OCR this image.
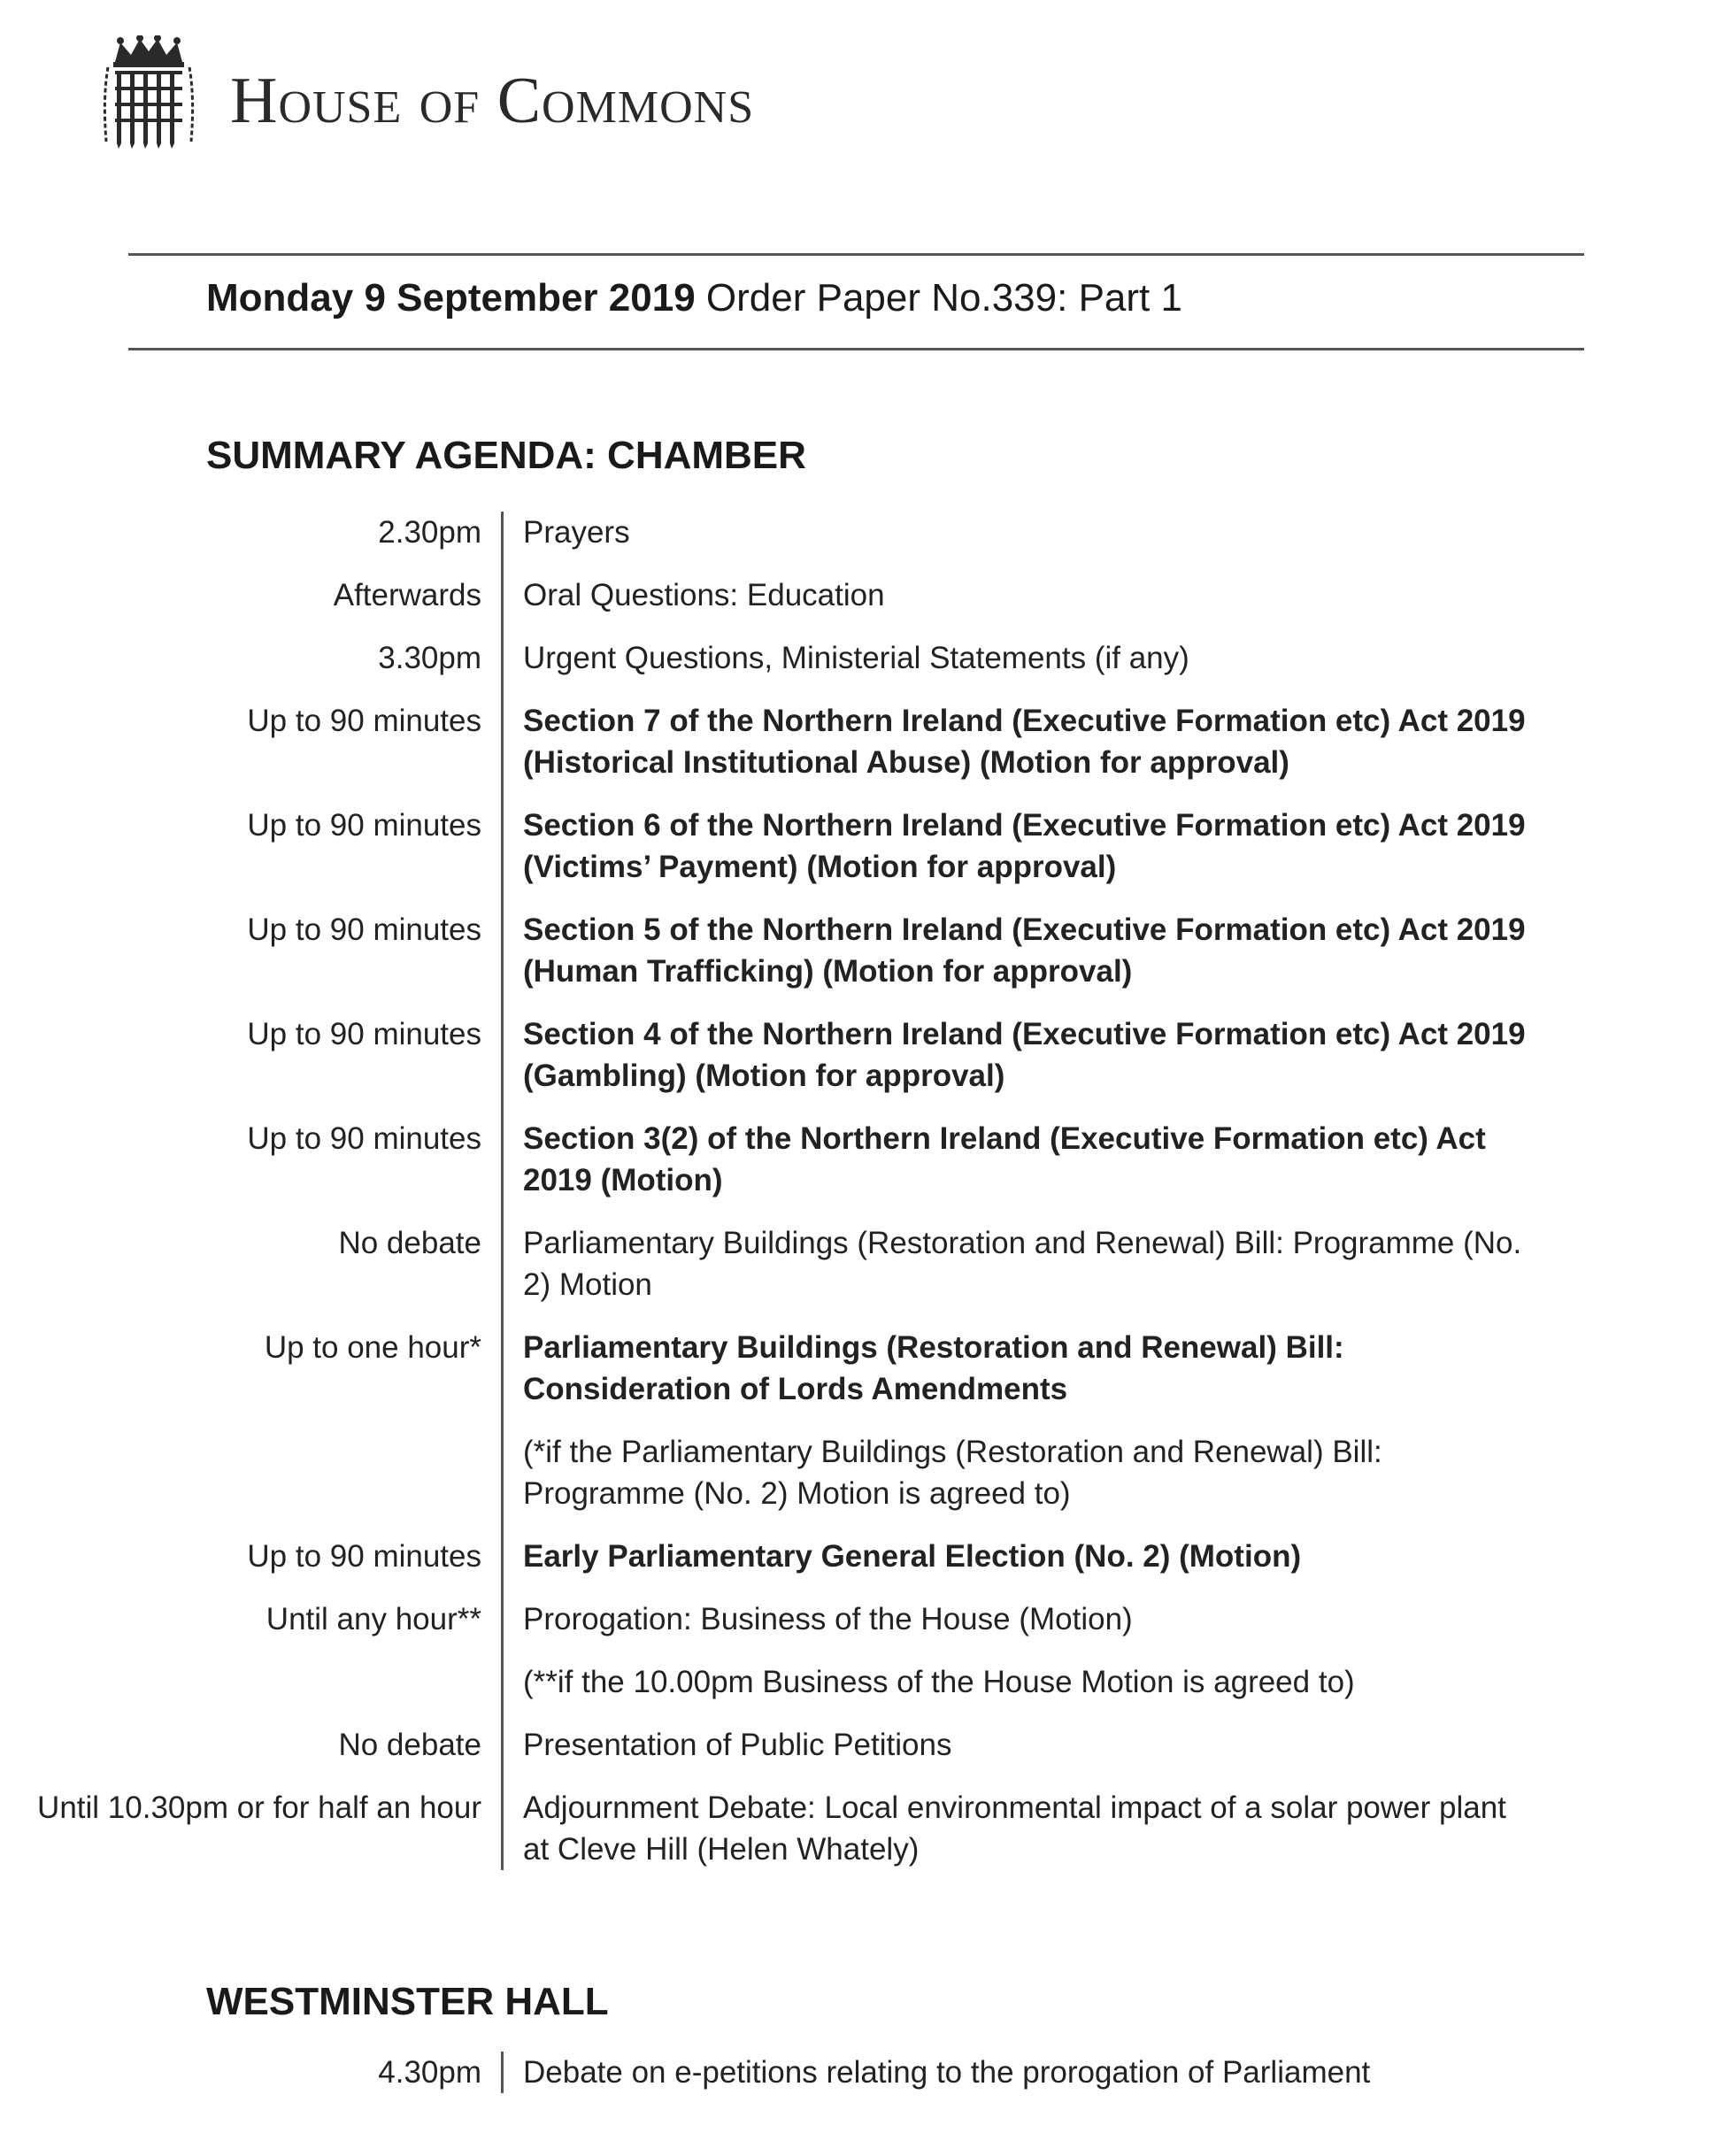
House of Commons
Monday 9 September 2019 Order Paper No.339: Part 1
SUMMARY AGENDA: CHAMBER
2.30pm	Prayers
Afterwards	Oral Questions: Education
3.30pm	Urgent Questions, Ministerial Statements (if any)
Up to 90 minutes	Section 7 of the Northern Ireland (Executive Formation etc) Act 2019 (Historical Institutional Abuse) (Motion for approval)
Up to 90 minutes	Section 6 of the Northern Ireland (Executive Formation etc) Act 2019 (Victims’ Payment) (Motion for approval)
Up to 90 minutes	Section 5 of the Northern Ireland (Executive Formation etc) Act 2019 (Human Trafficking) (Motion for approval)
Up to 90 minutes	Section 4 of the Northern Ireland (Executive Formation etc) Act 2019 (Gambling) (Motion for approval)
Up to 90 minutes	Section 3(2) of the Northern Ireland (Executive Formation etc) Act 2019 (Motion)
No debate	Parliamentary Buildings (Restoration and Renewal) Bill: Programme (No. 2) Motion
Up to one hour*	Parliamentary Buildings (Restoration and Renewal) Bill: Consideration of Lords Amendments
(*if the Parliamentary Buildings (Restoration and Renewal) Bill: Programme (No. 2) Motion is agreed to)
Up to 90 minutes	Early Parliamentary General Election (No. 2) (Motion)
Until any hour**	Prorogation: Business of the House (Motion)
(**if the 10.00pm Business of the House Motion is agreed to)
No debate	Presentation of Public Petitions
Until 10.30pm or for half an hour	Adjournment Debate: Local environmental impact of a solar power plant at Cleve Hill (Helen Whately)
WESTMINSTER HALL
4.30pm	Debate on e-petitions relating to the prorogation of Parliament
